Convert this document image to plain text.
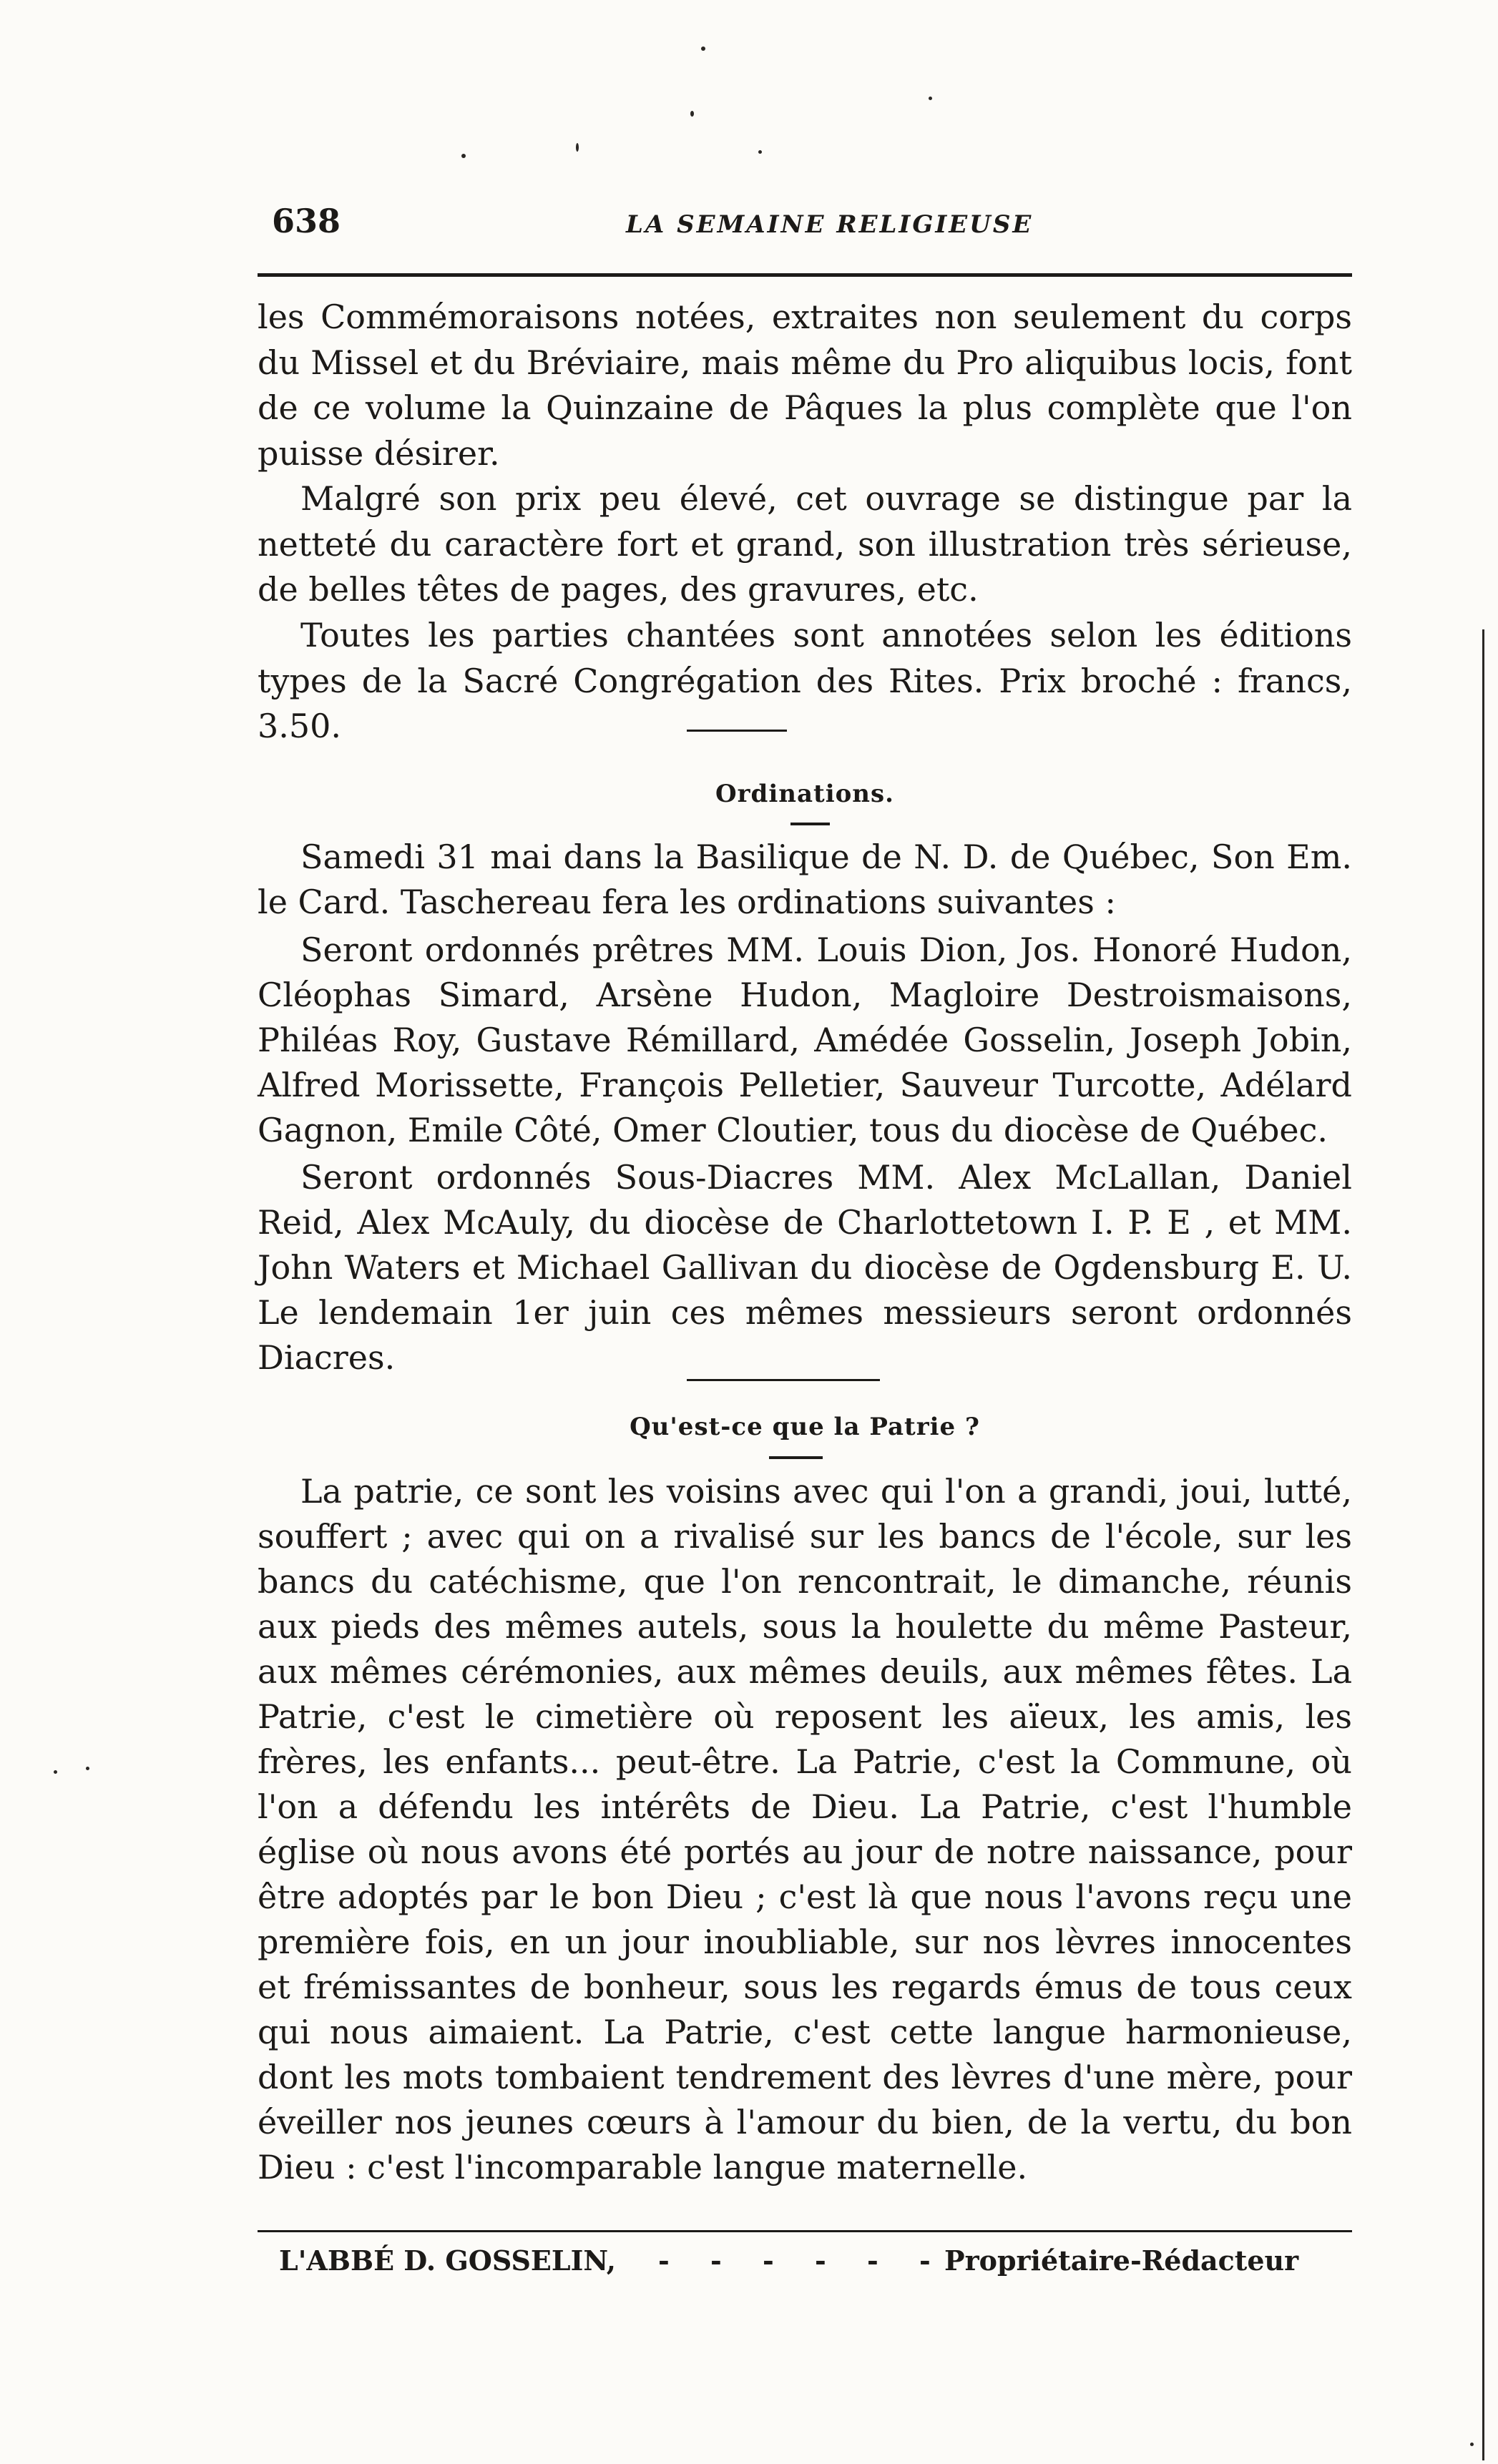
638	LA SEMAINE RELIGIEUSE

les Commémoraisons notées, extraites non seulement du corps du Missel et du Bréviaire, mais même du Pro aliquibus locis, font de ce volume la Quinzaine de Pâques la plus complète que l'on puisse désirer.

Malgré son prix peu élevé, cet ouvrage se distingue par la netteté du caractère fort et grand, son illustration très sérieuse, de belles têtes de pages, des gravures, etc.

Toutes les parties chantées sont annotées selon les éditions types de la Sacré Congrégation des Rites. Prix broché : francs, 3.50.

Ordinations.

Samedi 31 mai dans la Basilique de N. D. de Québec, Son Em. le Card. Taschereau fera les ordinations suivantes :

Seront ordonnés prêtres MM. Louis Dion, Jos. Honoré Hudon, Cléophas Simard, Arsène Hudon, Magloire Destroismaisons, Philéas Roy, Gustave Rémillard, Amédée Gosselin, Joseph Jobin, Alfred Morissette, François Pelletier, Sauveur Turcotte, Adélard Gagnon, Emile Côté, Omer Cloutier, tous du diocèse de Québec.

Seront ordonnés Sous-Diacres MM. Alex McLallan, Daniel Reid, Alex McAuly, du diocèse de Charlottetown I. P. E , et MM. John Waters et Michael Gallivan du diocèse de Ogdensburg E. U. Le lendemain 1er juin ces mêmes messieurs seront ordonnés Diacres.

Qu'est-ce que la Patrie ?

La patrie, ce sont les voisins avec qui l'on a grandi, joui, lutté, souffert ; avec qui on a rivalisé sur les bancs de l'école, sur les bancs du catéchisme, que l'on rencontrait, le dimanche, réunis aux pieds des mêmes autels, sous la houlette du même Pasteur, aux mêmes cérémonies, aux mêmes deuils, aux mêmes fêtes. La Patrie, c'est le cimetière où reposent les aïeux, les amis, les frères, les enfants... peut-être. La Patrie, c'est la Commune, où l'on a défendu les intérêts de Dieu. La Patrie, c'est l'humble église où nous avons été portés au jour de notre naissance, pour être adoptés par le bon Dieu ; c'est là que nous l'avons reçu une première fois, en un jour inoubliable, sur nos lèvres innocentes et frémissantes de bonheur, sous les regards émus de tous ceux qui nous aimaient. La Patrie, c'est cette langue harmonieuse, dont les mots tombaient tendrement des lèvres d'une mère, pour éveiller nos jeunes cœurs à l'amour du bien, de la vertu, du bon Dieu : c'est l'incomparable langue maternelle.

L'ABBÉ D. GOSSELIN, - - - - - -
Propriétaire-Rédacteur
